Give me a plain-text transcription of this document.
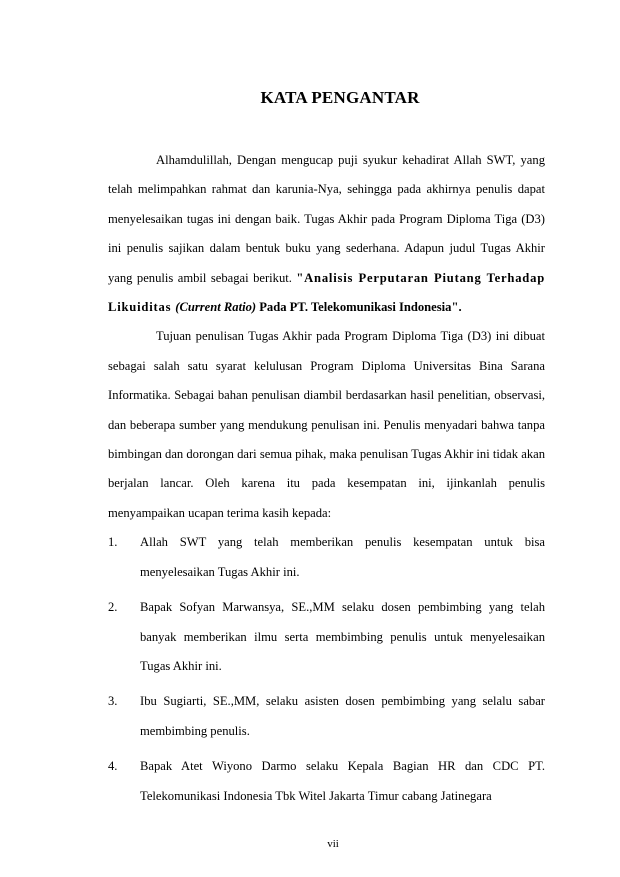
KATA PENGANTAR

Alhamdulillah, Dengan mengucap puji syukur kehadirat Allah SWT, yang telah melimpahkan rahmat dan karunia-Nya, sehingga pada akhirnya penulis dapat menyelesaikan tugas ini dengan baik. Tugas Akhir pada Program Diploma Tiga (D3) ini penulis sajikan dalam bentuk buku yang sederhana. Adapun judul Tugas Akhir yang penulis ambil sebagai berikut. "Analisis Perputaran Piutang Terhadap Likuiditas (Current Ratio) Pada PT. Telekomunikasi Indonesia".

Tujuan penulisan Tugas Akhir pada Program Diploma Tiga (D3) ini dibuat sebagai salah satu syarat kelulusan Program Diploma Universitas Bina Sarana Informatika. Sebagai bahan penulisan diambil berdasarkan hasil penelitian, observasi, dan beberapa sumber yang mendukung penulisan ini. Penulis menyadari bahwa tanpa bimbingan dan dorongan dari semua pihak, maka penulisan Tugas Akhir ini tidak akan berjalan lancar. Oleh karena itu pada kesempatan ini, ijinkanlah penulis menyampaikan ucapan terima kasih kepada:

1. Allah SWT yang telah memberikan penulis kesempatan untuk bisa menyelesaikan Tugas Akhir ini.
2. Bapak Sofyan Marwansya, SE.,MM selaku dosen pembimbing yang telah banyak memberikan ilmu serta membimbing penulis untuk menyelesaikan Tugas Akhir ini.
3. Ibu Sugiarti, SE.,MM, selaku asisten dosen pembimbing yang selalu sabar membimbing penulis.
4. Bapak Atet Wiyono Darmo selaku Kepala Bagian HR dan CDC PT. Telekomunikasi Indonesia Tbk Witel Jakarta Timur cabang Jatinegara
vii
